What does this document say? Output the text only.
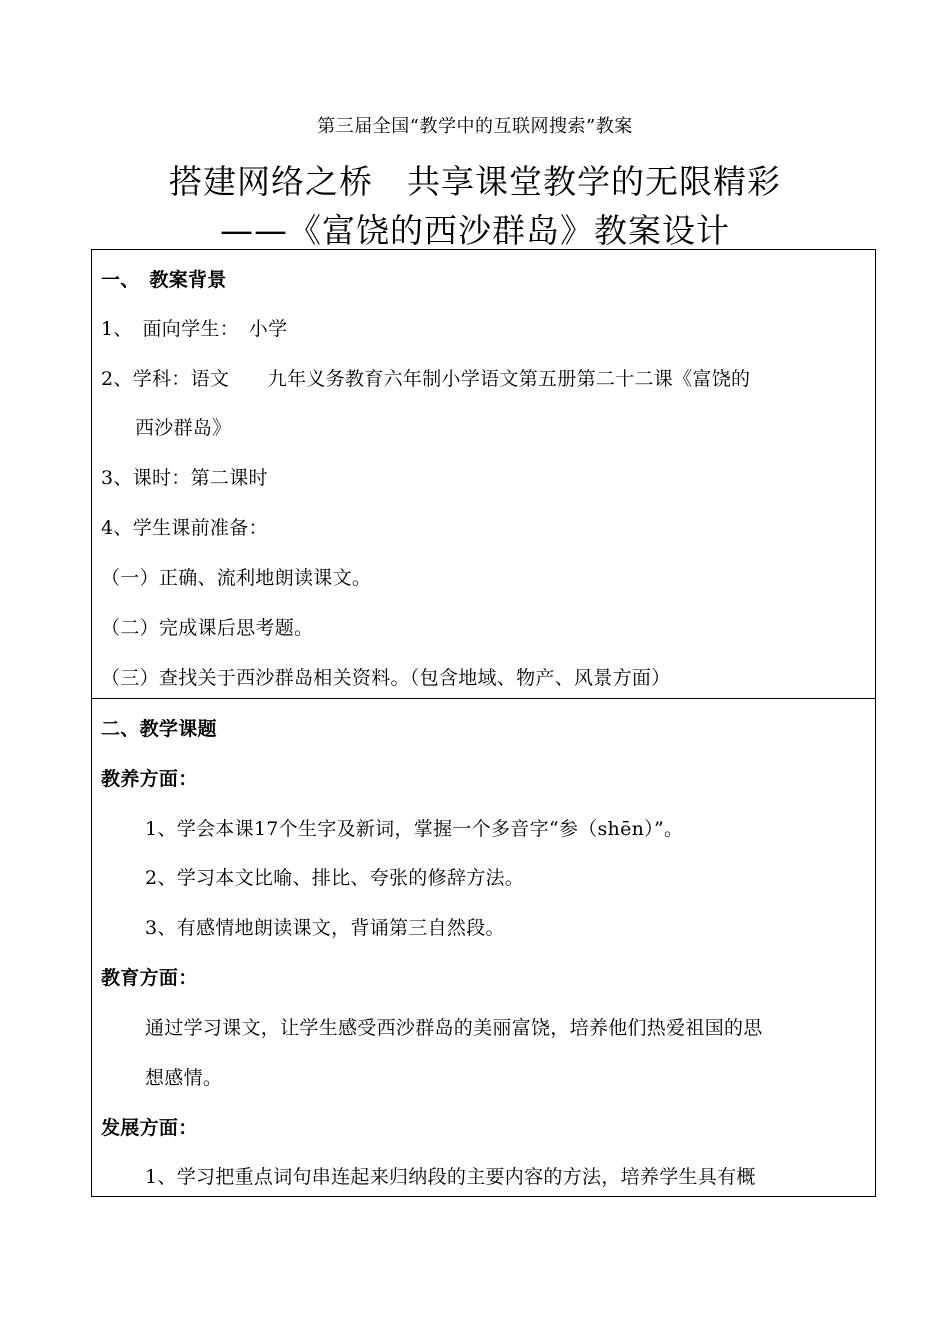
第三届全国“教学中的互联网搜索”教案
搭建网络之桥　共享课堂教学的无限精彩
——《富饶的西沙群岛》教案设计
一、　教案背景
1、　面向学生：　小学
2、学科：语文　　九年义务教育六年制小学语文第五册第二十二课《富饶的
西沙群岛》
3、课时：第二课时
4、学生课前准备：
（一）正确、流利地朗读课文。
（二）完成课后思考题。
（三）查找关于西沙群岛相关资料。（包含地域、物产、风景方面）
二、教学课题
教养方面：
1、学会本课17个生字及新词，掌握一个多音字“参（shēn）”。
2、学习本文比喻、排比、夸张的修辞方法。
3、有感情地朗读课文，背诵第三自然段。
教育方面：
通过学习课文，让学生感受西沙群岛的美丽富饶，培养他们热爱祖国的思
想感情。
发展方面：
1、学习把重点词句串连起来归纳段的主要内容的方法，培养学生具有概
